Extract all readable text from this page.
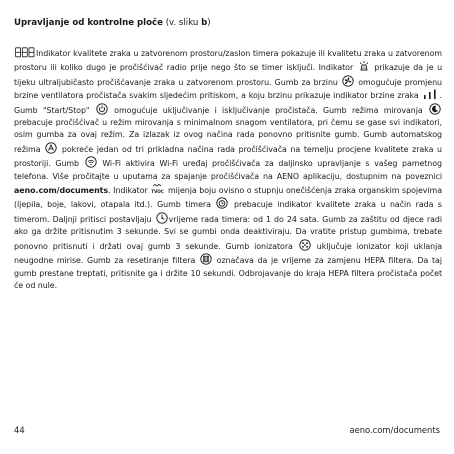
Upravljanje od kontrolne ploče (v. sliku b)
Indikator kvalitete zraka u zatvorenom prostoru/zaslon timera pokazuje ili kvalitetu zraka u zatvorenom prostoru ili koliko dugo je pročišćivač radio prije nego što se timer isključi. Indikator UV prikazuje da je u tijeku ultraljubičasto pročišćavanje zraka u zatvorenom prostoru. Gumb za brzinu	omogućuje promjenu brzine ventilatora pročistača svakim sljedećim pritiskom, a koju brzinu prikazuje indikator brzine zraka	. Gumb "Start/Stop"	omogućuje uključivanje i isključivanje pročistača. Gumb režima mirovanja
prebacuje pročišćivač u režim mirovanja s minimalnom snagom ventilatora, pri čemu se gase svi indikatori, osim gumba za ovaj režim. Za izlazak iz ovog načina rada ponovno pritisnite gumb. Gumb automatskog režima	pokreće jedan od tri prikladna načina rada pročišćivača na temelju procjene kvalitete zraka u prostoriji. Gumb	Wi-Fi aktivira Wi-Fi uređaj pročišćivača za daljinsko upravljanje s vašeg pametnog telefona. Više pročitajte u uputama za spajanje pročišćivača na AENO aplikaciju, dostupnim na poveznici aeno.com/documents. Indikator TVOC mijenja boju ovisno o stupnju onečišćenja zraka organskim spojevima (ljepila, boje, lakovi, otapala itd.). Gumb timera	prebacuje indikator kvalitete zraka u način rada s timerom. Daljnji pritisci postavljaju vrijeme rada timera: od 1 do 24 sata. Gumb za zaštitu od djece radi ako ga držite pritisnutim 3 sekunde. Svi se gumbi onda deaktiviraju. Da vratite pristup gumbima, trebate ponovno pritisnuti i držati ovaj gumb 3 sekunde. Gumb ionizatora	uključuje ionizator koji uklanja neugodne mirise. Gumb za resetiranje filtera	označava da je vrijeme za zamjenu HEPA filtera. Da taj gumb prestane treptati, pritisnite ga i držite 10 sekundi. Odbrojavanje do kraja HEPA filtera pročistača počet će od nule.
44	aeno.com/documents
